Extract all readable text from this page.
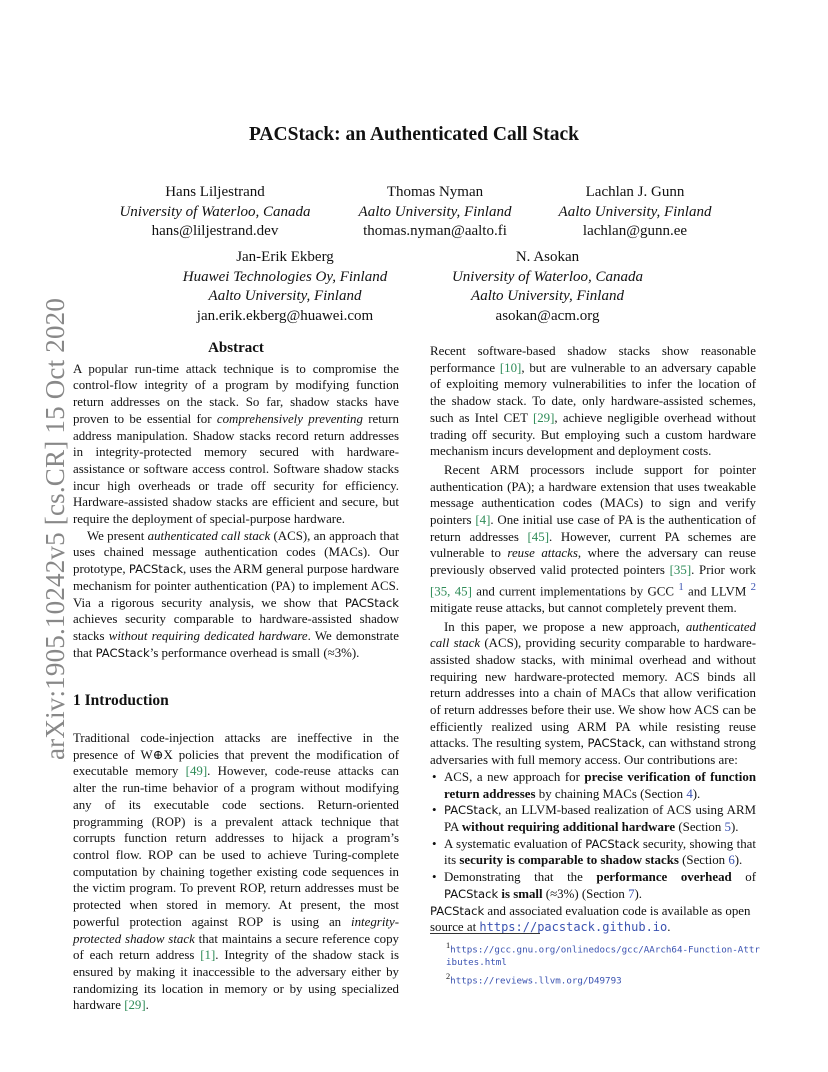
PACStack: an Authenticated Call Stack
Hans Liljestrand
University of Waterloo, Canada
hans@liljestrand.dev
Thomas Nyman
Aalto University, Finland
thomas.nyman@aalto.fi
Lachlan J. Gunn
Aalto University, Finland
lachlan@gunn.ee
Jan-Erik Ekberg
Huawei Technologies Oy, Finland
Aalto University, Finland
jan.erik.ekberg@huawei.com
N. Asokan
University of Waterloo, Canada
Aalto University, Finland
asokan@acm.org
arXiv:1905.10242v5 [cs.CR] 15 Oct 2020	Abstract

A popular run-time attack technique is to compromise the control-flow integrity of a program by modifying function return addresses on the stack. So far, shadow stacks have proven to be essential for comprehensively preventing return address manipulation. Shadow stacks record return addresses in integrity-protected memory secured with hardware-assistance or software access control. Software shadow stacks incur high overheads or trade off security for efficiency. Hardware-assisted shadow stacks are efficient and secure, but require the deployment of special-purpose hardware.

We present authenticated call stack (ACS), an approach that uses chained message authentication codes (MACs). Our prototype, PACStack, uses the ARM general purpose hardware mechanism for pointer authentication (PA) to implement ACS. Via a rigorous security analysis, we show that PACStack achieves security comparable to hardware-assisted shadow stacks without requiring dedicated hardware. We demonstrate that PACStack’s performance overhead is small (≈3%).

1 Introduction

Traditional code-injection attacks are ineffective in the presence of W⊕X policies that prevent the modification of executable memory [49]. However, code-reuse attacks can alter the run-time behavior of a program without modifying any of its executable code sections. Return-oriented programming (ROP) is a prevalent attack technique that corrupts function return addresses to hijack a program’s control flow. ROP can be used to achieve Turing-complete computation by chaining together existing code sequences in the victim program. To prevent ROP, return addresses must be protected when stored in memory. At present, the most powerful protection against ROP is using an integrity-protected shadow stack that maintains a secure reference copy of each return address [1]. Integrity of the shadow stack is ensured by making it inaccessible to the adversary either by randomizing its location in memory or by using specialized hardware [29].

Recent software-based shadow stacks show reasonable performance [10], but are vulnerable to an adversary capable of exploiting memory vulnerabilities to infer the location of the shadow stack. To date, only hardware-assisted schemes, such as Intel CET [29], achieve negligible overhead without trading off security. But employing such a custom hardware mechanism incurs development and deployment costs.

Recent ARM processors include support for pointer authentication (PA); a hardware extension that uses tweakable message authentication codes (MACs) to sign and verify pointers [4]. One initial use case of PA is the authentication of return addresses [45]. However, current PA schemes are vulnerable to reuse attacks, where the adversary can reuse previously observed valid protected pointers [35]. Prior work [35, 45] and current implementations by GCC $^1$ and LLVM $^2$ mitigate reuse attacks, but cannot completely prevent them.

In this paper, we propose a new approach, authenticated call stack (ACS), providing security comparable to hardware-assisted shadow stacks, with minimal overhead and without requiring new hardware-protected memory. ACS binds all return addresses into a chain of MACs that allow verification of return addresses before their use. We show how ACS can be efficiently realized using ARM PA while resisting reuse attacks. The resulting system, PACStack, can withstand strong adversaries with full memory access. Our contributions are:

• ACS, a new approach for precise verification of function return addresses by chaining MACs (Section 4).
• PACStack, an LLVM-based realization of ACS using ARM PA without requiring additional hardware (Section 5).
• A systematic evaluation of PACStack security, showing that its security is comparable to shadow stacks (Section 6).
• Demonstrating that the performance overhead of PACStack is small (≈3%) (Section 7).

PACStack and associated evaluation code is available as open source at https://pacstack.github.io.

$^1$https://gcc.gnu.org/onlinedocs/gcc/AArch64-Function-Attributes.html
$^2$https://reviews.llvm.org/D49793
